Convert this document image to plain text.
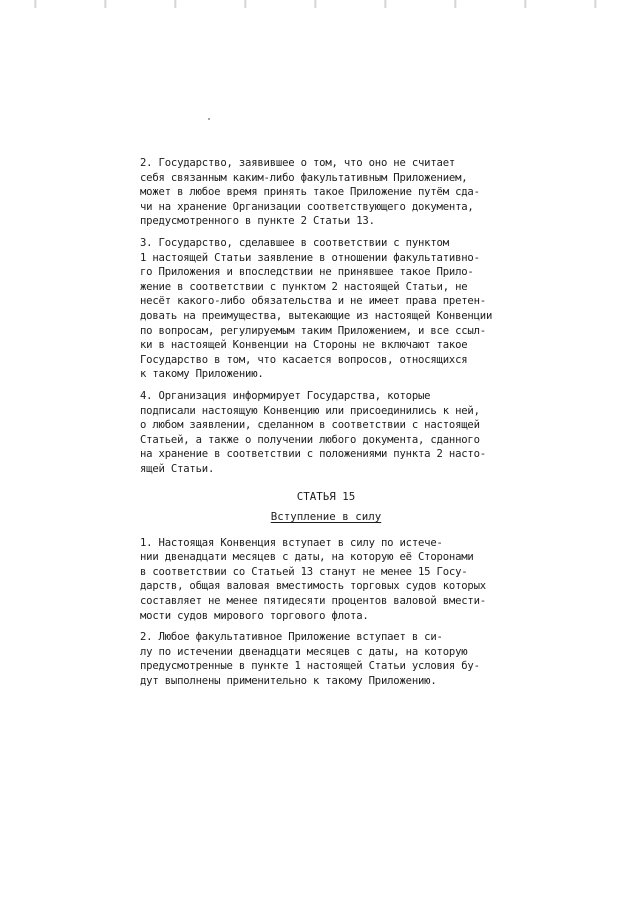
2. Государство, заявившее о том, что оно не считает
себя связанным каким-либо факультативным Приложением,
может в любое время принять такое Приложение путём сда-
чи на хранение Организации соответствующего документа,
предусмотренного в пункте 2 Статьи 13.

3. Государство, сделавшее в соответствии с пунктом
1 настоящей Статьи заявление в отношении факультативно-
го Приложения и впоследствии не принявшее такое Прило-
жение в соответствии с пунктом 2 настоящей Статьи, не
несёт какого-либо обязательства и не имеет права претен-
довать на преимущества, вытекающие из настоящей Конвенции
по вопросам, регулируемым таким Приложением, и все ссыл-
ки в настоящей Конвенции на Стороны не включают такое
Государство в том, что касается вопросов, относящихся
к такому Приложению.

4. Организация информирует Государства, которые
подписали настоящую Конвенцию или присоединились к ней,
о любом заявлении, сделанном в соответствии с настоящей
Статьей, а также о получении любого документа, сданного
на хранение в соответствии с положениями пункта 2 насто-
ящей Статьи.

СТАТЬЯ 15
Вступление в силу

1. Настоящая Конвенция вступает в силу по истече-
нии двенадцати месяцев с даты, на которую её Сторонами
в соответствии со Статьей 13 станут не менее 15 Госу-
дарств, общая валовая вместимость торговых судов которых
составляет не менее пятидесяти процентов валовой вмести-
мости судов мирового торгового флота.

2. Любое факультативное Приложение вступает в си-
лу по истечении двенадцати месяцев с даты, на которую
предусмотренные в пункте 1 настоящей Статьи условия бу-
дут выполнены применительно к такому Приложению.
